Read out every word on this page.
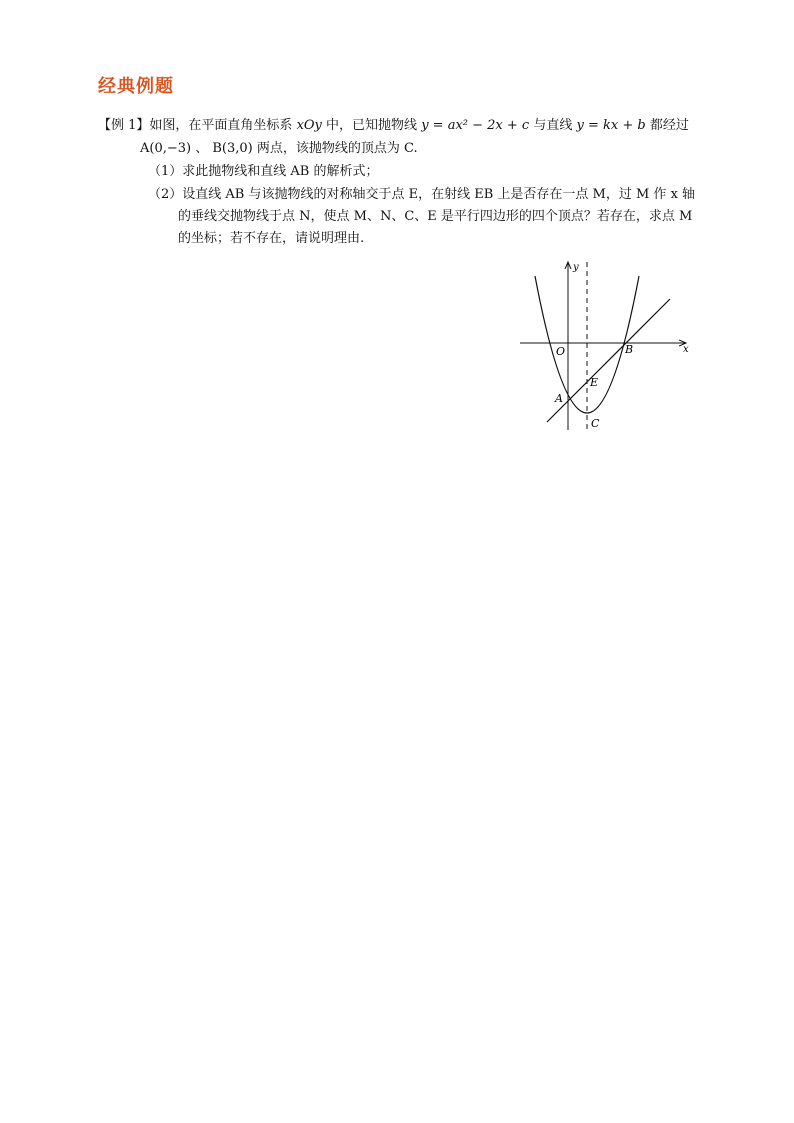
经典例题
【例 1】如图，在平面直角坐标系 xOy 中，已知抛物线 y = ax² − 2x + c 与直线 y = kx + b 都经过
A(0,−3) 、 B(3,0) 两点，该抛物线的顶点为 C.
（1）求此抛物线和直线 AB 的解析式；
（2）设直线 AB 与该抛物线的对称轴交于点 E，在射线 EB 上是否存在一点 M，过 M 作 x 轴
的垂线交抛物线于点 N，使点 M、N、C、E 是平行四边形的四个顶点？若存在，求点 M
的坐标；若不存在，请说明理由.
x
y
O	B
A
E
C
